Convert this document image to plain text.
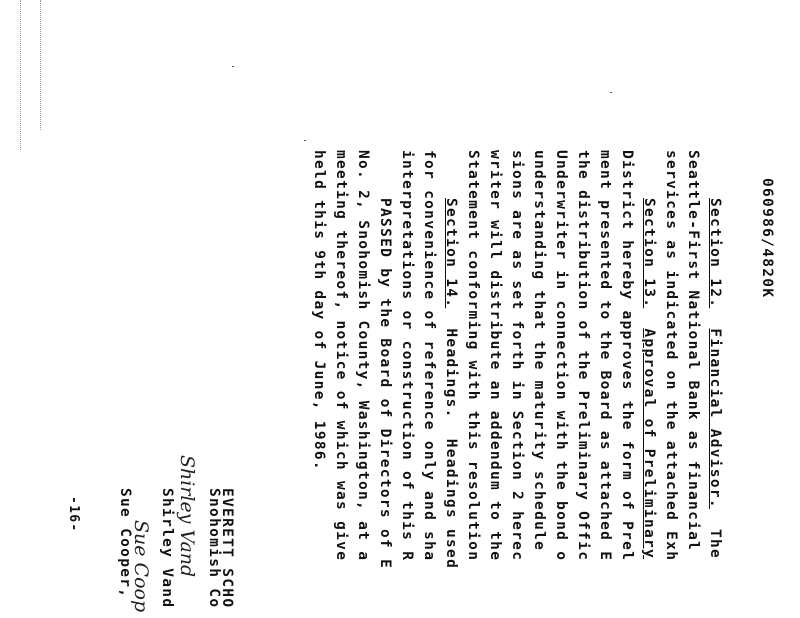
060986/4820K
Section 12.  Financial Advisor.  The
Seattle-First National Bank as financial
services as indicated on the attached Exh
Section 13.  Approval of Preliminary
District hereby approves the form of Prel
ment presented to the Board as attached E
the distribution of the Preliminary Offic
Underwriter in connection with the bond o
understanding that the maturity schedule
sions are as set forth in Section 2 herec
writer will distribute an addendum to the
Statement conforming with this resolution
Section 14.  Headings.  Headings used
for convenience of reference only and sha
interpretations or construction of this R
PASSED by the Board of Directors of E
No. 2, Snohomish County, Washington, at a
meeting thereof, notice of which was give
held this 9th day of June, 1986.
EVERETT SCHO
Snohomish Co
Shirley Vand
Shirley Vand
Sue Coop
Sue Cooper,
-16-
